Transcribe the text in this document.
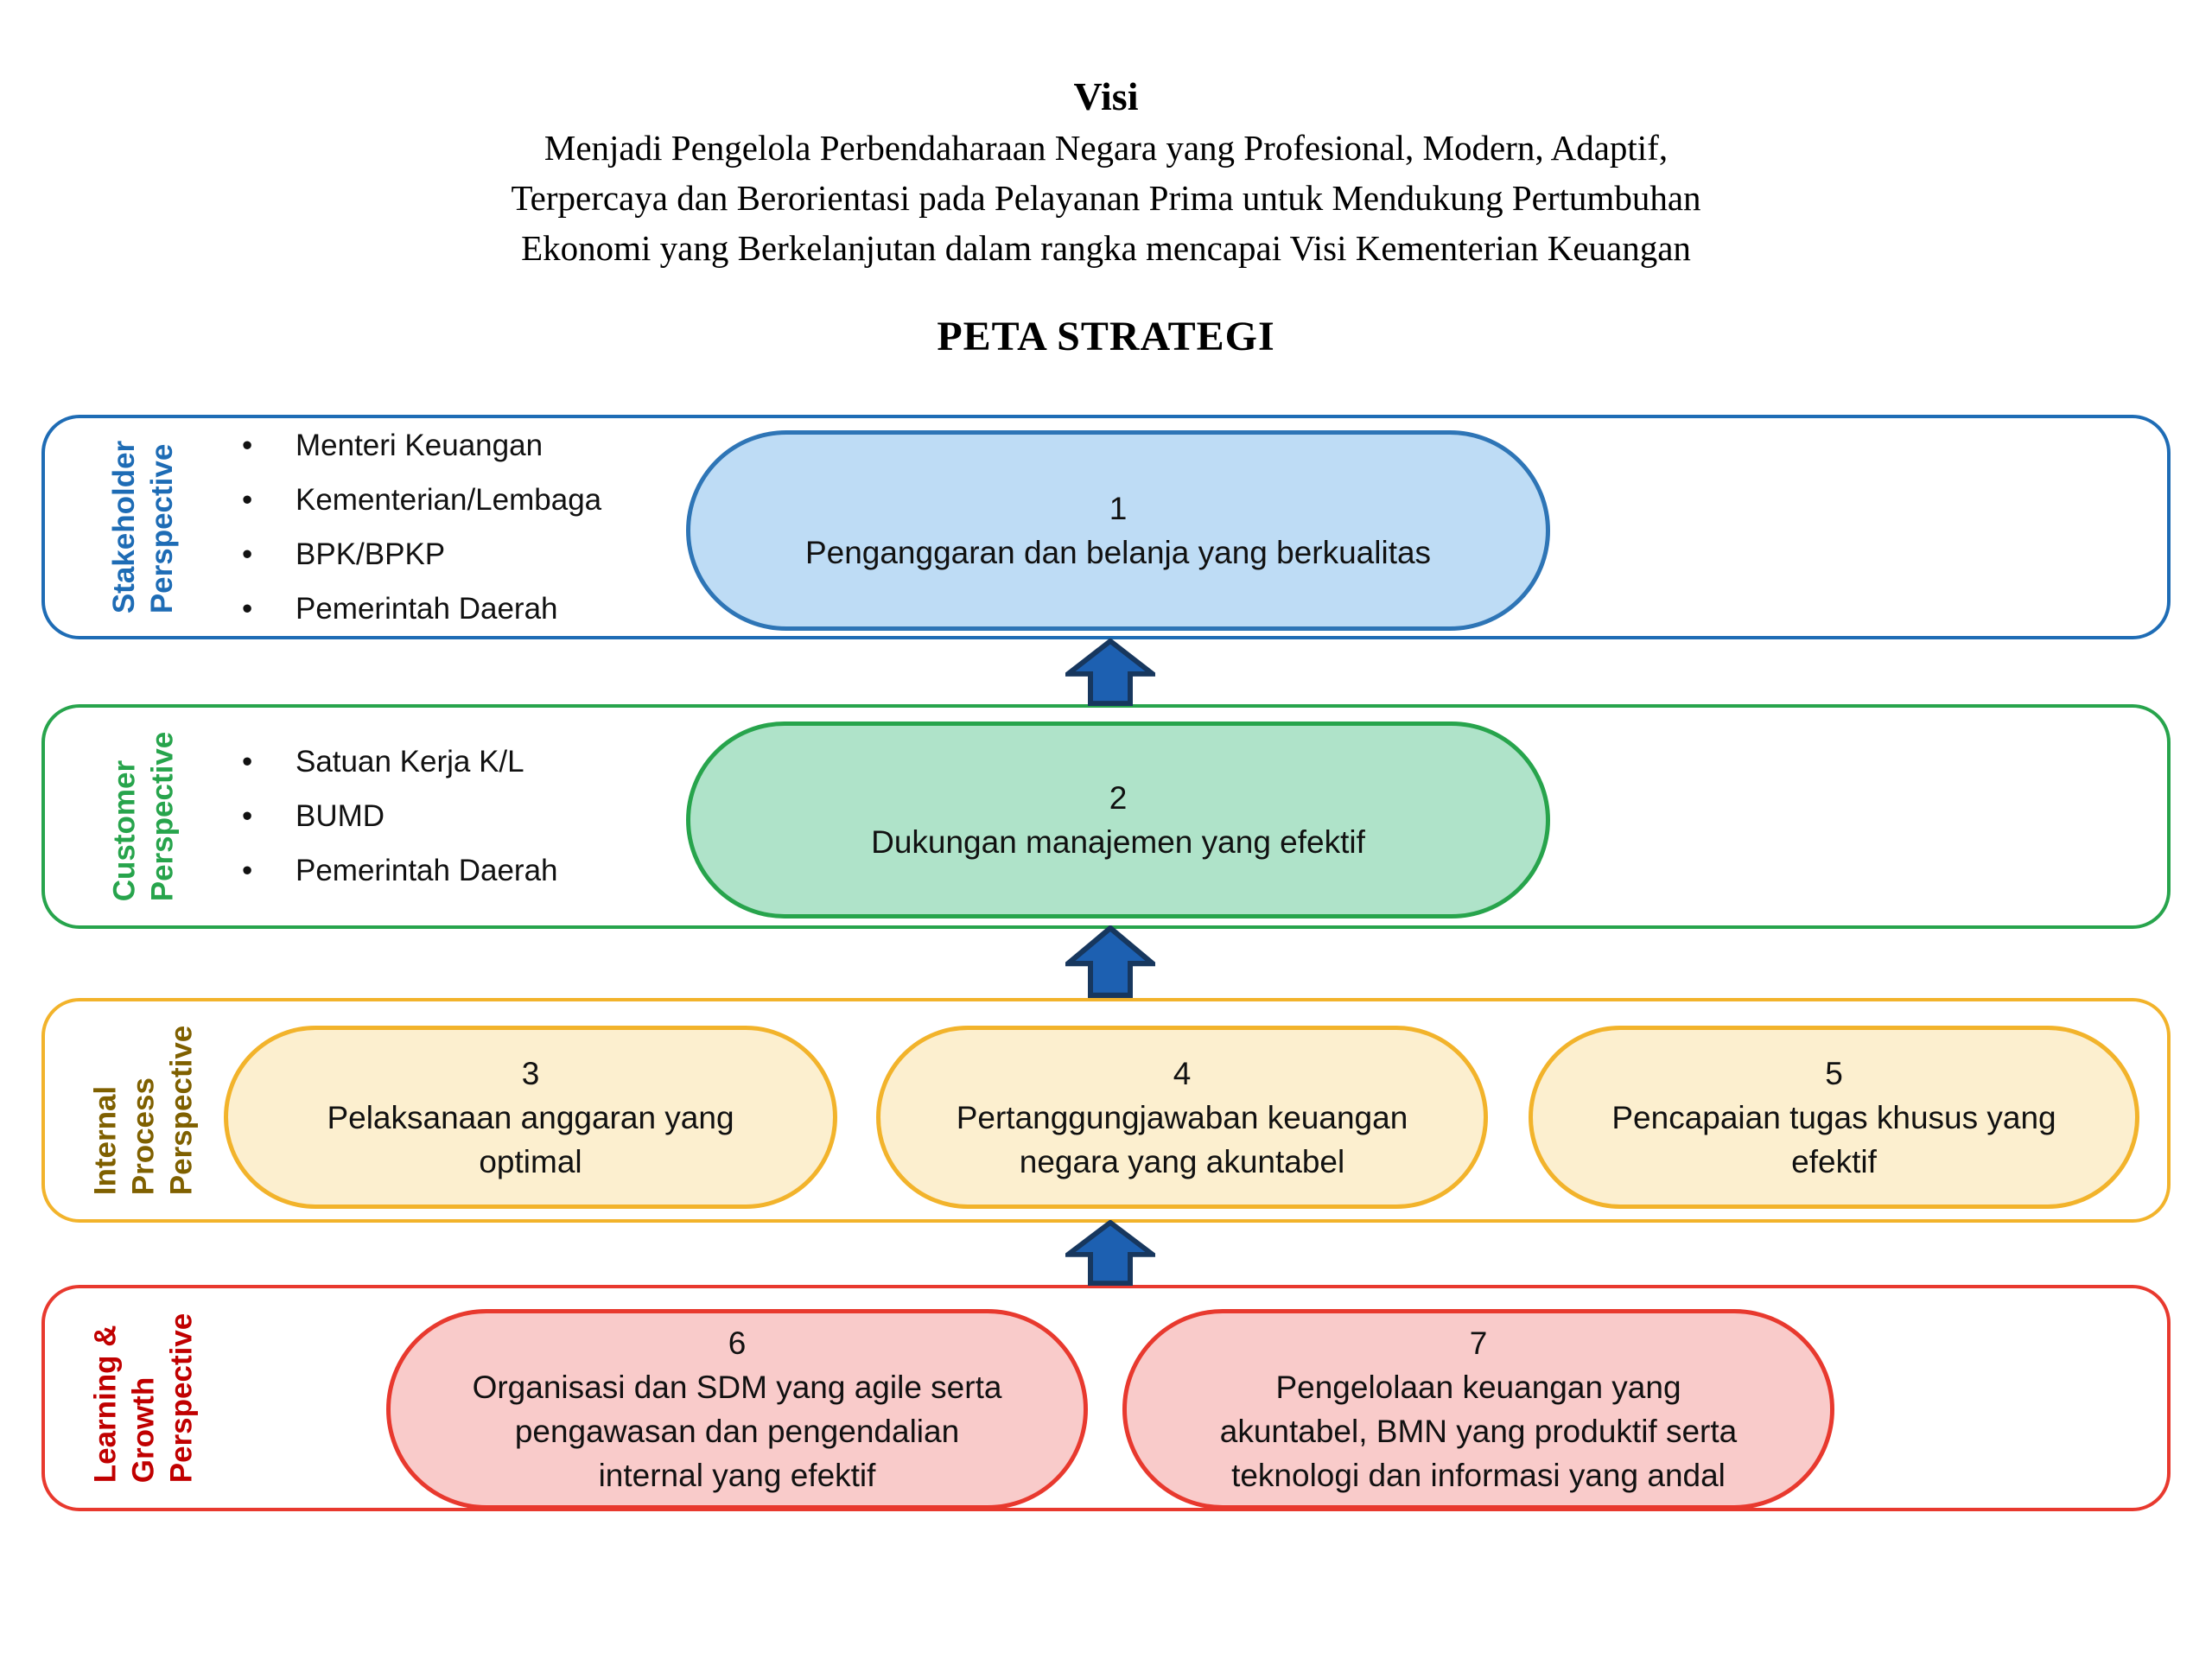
Visi
Menjadi Pengelola Perbendaharaan Negara yang Profesional, Modern, Adaptif,
Terpercaya dan Berorientasi pada Pelayanan Prima untuk Mendukung Pertumbuhan
Ekonomi yang Berkelanjutan dalam rangka mencapai Visi Kementerian Keuangan
PETA STRATEGI
Stakeholder Perspective	• Menteri Keuangan
• Kementerian/Lembaga
• BPK/BPKP
• Pemerintah Daerah
1
Penganggaran dan belanja yang berkualitas
Customer Perspective	• Satuan Kerja K/L
• BUMD
• Pemerintah Daerah
2
Dukungan manajemen yang efektif
Internal Process Perspective	3
Pelaksanaan anggaran yang optimal
4
Pertanggungjawaban keuangan negara yang akuntabel
5
Pencapaian tugas khusus yang efektif
Learning & Growth Perspective	6
Organisasi dan SDM yang agile serta pengawasan dan pengendalian internal yang efektif
7
Pengelolaan keuangan yang akuntabel, BMN yang produktif serta teknologi dan informasi yang andal
